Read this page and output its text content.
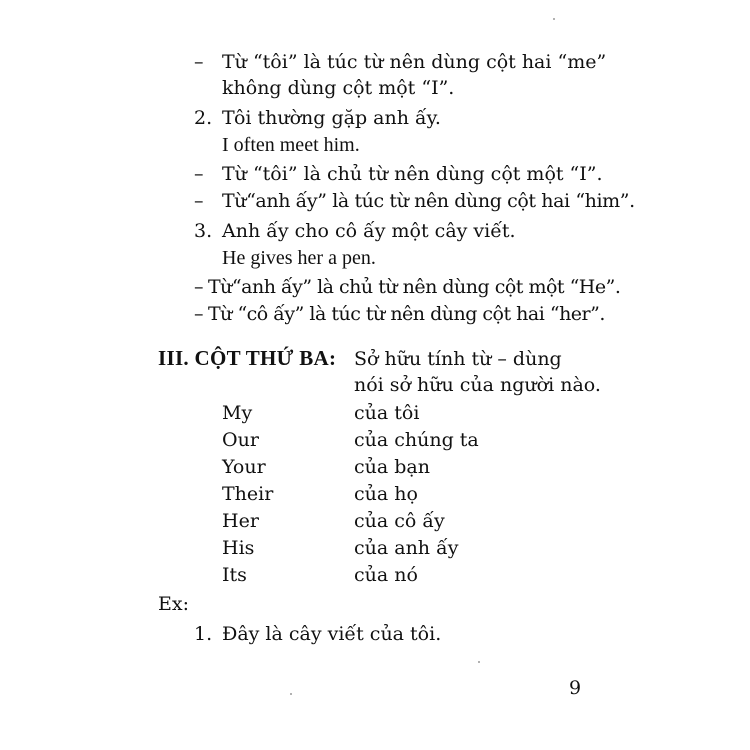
– Từ “tôi” là túc từ nên dùng cột hai “me”
không dùng cột một “I”.
2. Tôi thường gặp anh ấy.
I often meet him.
– Từ “tôi” là chủ từ nên dùng cột một “I”.
– Từ“anh ấy” là túc từ nên dùng cột hai “him”.
3. Anh ấy cho cô ấy một cây viết.
He gives her a pen.
– Từ“anh ấy” là chủ từ nên dùng cột một “He”.
– Từ “cô ấy” là túc từ nên dùng cột hai “her”.
III. CỘT THỨ BA: Sở hữu tính từ – dùng
nói sở hữu của người nào.
My	của tôi
Our	của chúng ta
Your	của bạn
Their	của họ
Her	của cô ấy
His	của anh ấy
Its	của nó
Ex:
1. Đây là cây viết của tôi.
9
